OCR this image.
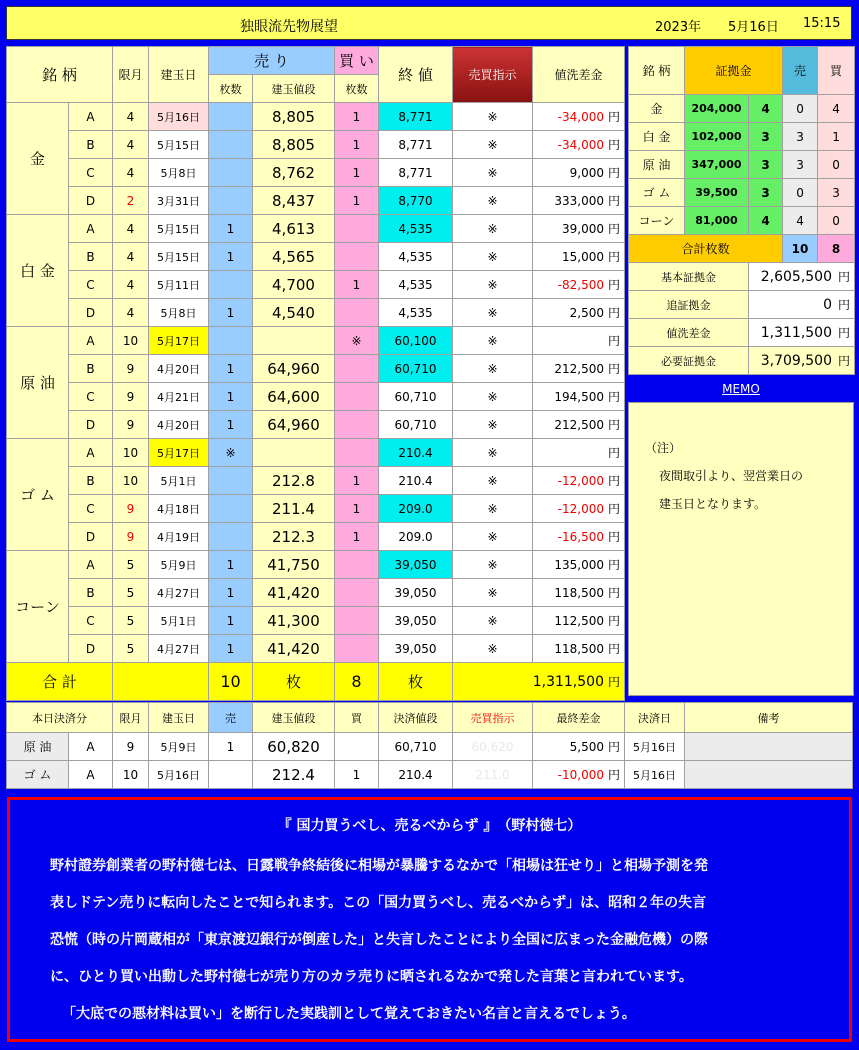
独眼流先物展望	2023年 5月16日 15:15
銘 柄		限月	建玉日	売 り		買 い	終 値	売買指示	値洗差金
				枚数	建玉値段	枚数			
金	A	4	5月16日		8,805	1	8,771	※	-34,000 円
	B	4	5月15日		8,805	1	8,771	※	-34,000 円
	C	4	5月8日		8,762	1	8,771	※	9,000 円
	D	2	3月31日		8,437	1	8,770	※	333,000 円
白 金	A	4	5月15日	1	4,613		4,535	※	39,000 円
	B	4	5月15日	1	4,565		4,535	※	15,000 円
	C	4	5月11日		4,700	1	4,535	※	-82,500 円
	D	4	5月8日	1	4,540		4,535	※	2,500 円
原 油	A	10	5月17日			※	60,100	※	円
	B	9	4月20日	1	64,960		60,710	※	212,500 円
	C	9	4月21日	1	64,600		60,710	※	194,500 円
	D	9	4月20日	1	64,960		60,710	※	212,500 円
ゴ ム	A	10	5月17日	※			210.4	※	円
	B	10	5月1日		212.8	1	210.4	※	-12,000 円
	C	9	4月18日		211.4	1	209.0	※	-12,000 円
	D	9	4月19日		212.3	1	209.0	※	-16,500 円
コーン	A	5	5月9日	1	41,750		39,050	※	135,000 円
	B	5	4月27日	1	41,420		39,050	※	118,500 円
	C	5	5月1日	1	41,300		39,050	※	112,500 円
	D	5	4月27日	1	41,420		39,050	※	118,500 円
合 計				10	枚	8	枚	1,311,500 円	
銘 柄	証拠金		売	買
金	204,000	4	0	4
白 金	102,000	3	3	1
原 油	347,000	3	3	0
ゴ ム	39,500	3	0	3
コーン	81,000	4	4	0
合計枚数			10	8
基本証拠金		2,605,500 円		
追証拠金		0 円		
値洗差金		1,311,500 円		
必要証拠金		3,709,500 円		
MEMO

（注）

夜間取引より、翌営業日の

建玉日となります。

本日決済分		限月	建玉日	売	建玉値段	買	決済値段	売買指示	最終差金	決済日	備考
原 油	A	9	5月9日	1	60,820		60,710	60,620	5,500 円	5月16日	
ゴ ム	A	10	5月16日		212.4	1	210.4	211.0	-10,000 円	5月16日	
『 国力買うべし、売るべからず 』　（野村徳七）
野村證券創業者の野村徳七は、日露戦争終結後に相場が暴騰するなかで「相場は狂せり」と相場予測を発
表しドテン売りに転向したことで知られます。この「国力買うべし、売るべからず」は、昭和２年の失言
恐慌（時の片岡蔵相が「東京渡辺銀行が倒産した」と失言したことにより全国に広まった金融危機）の際
に、ひとり買い出動した野村徳七が売り方のカラ売りに晒されるなかで発した言葉と言われています。
「大底での悪材料は買い」を断行した実践訓として覚えておきたい名言と言えるでしょう。
